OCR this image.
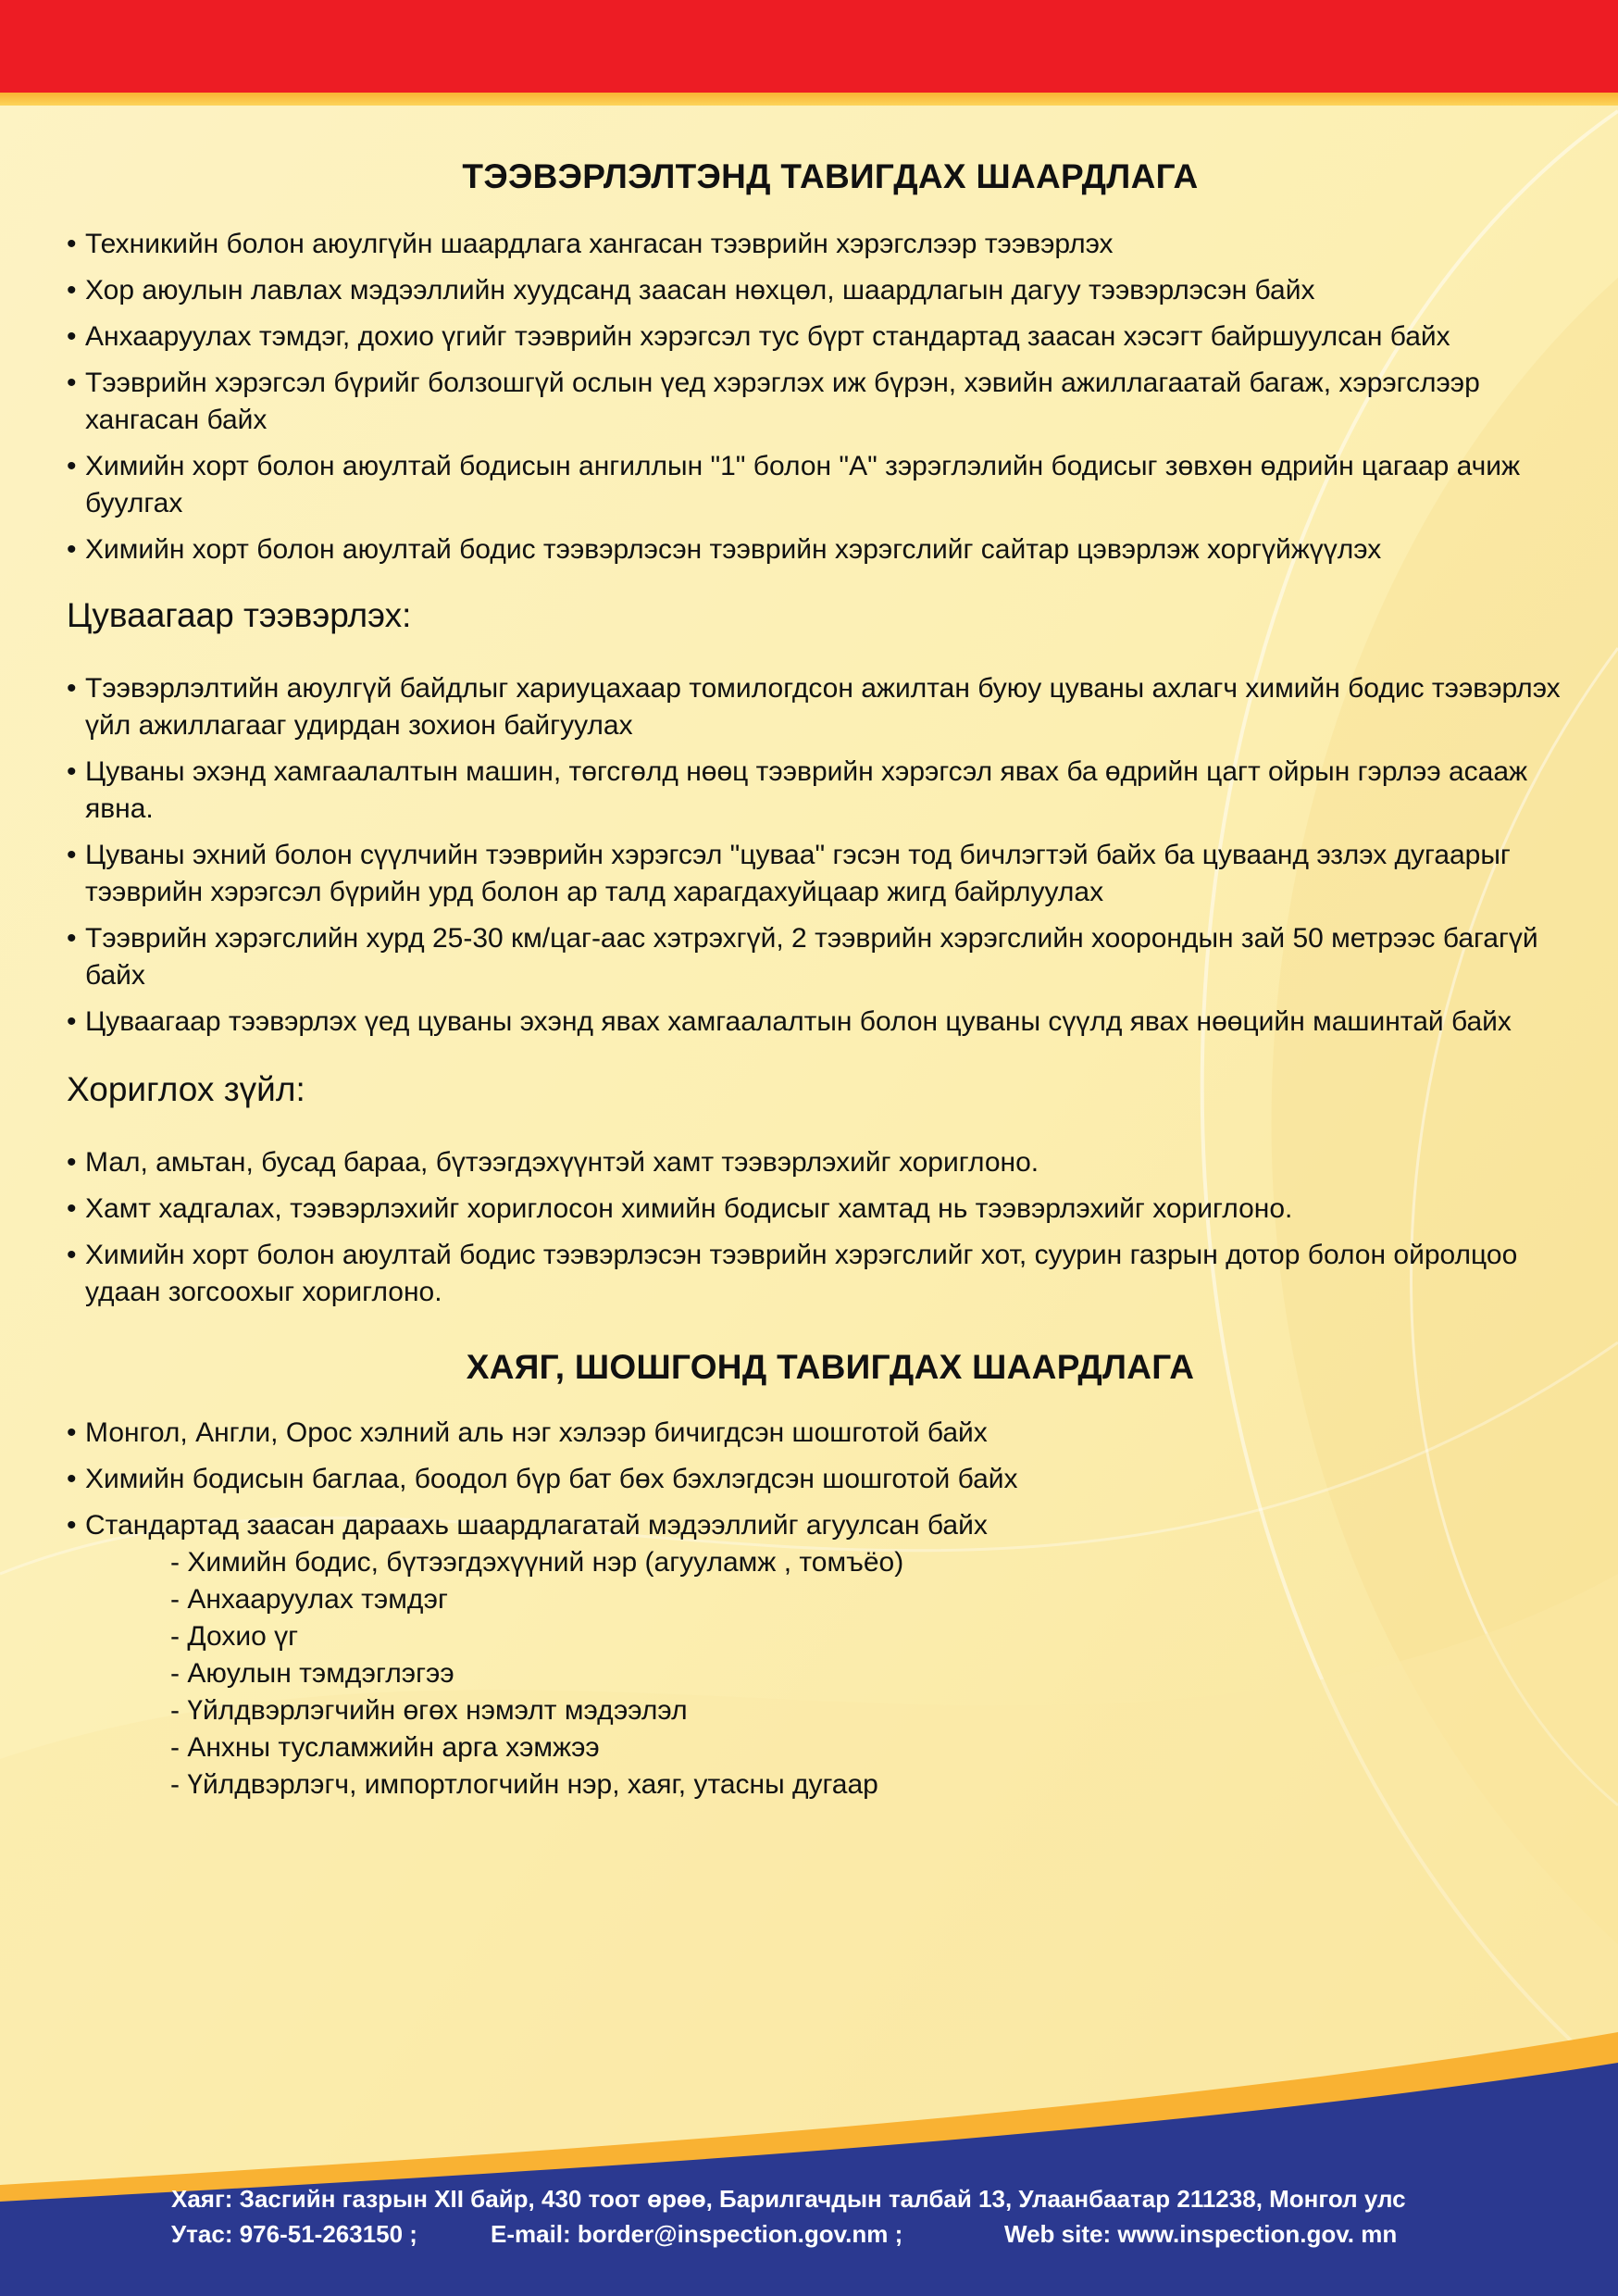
ТЭЭВЭРЛЭЛТЭНД ТАВИГДАХ ШААРДЛАГА
• Техникийн болон аюулгүйн шаардлага хангасан тээврийн хэрэгслээр тээвэрлэх
• Хор аюулын лавлах мэдээллийн хуудсанд заасан нөхцөл, шаардлагын дагуу тээвэрлэсэн байх
• Анхааруулах тэмдэг, дохио үгийг тээврийн хэрэгсэл тус бүрт стандартад заасан хэсэгт байршуулсан байх
• Тээврийн хэрэгсэл бүрийг болзошгүй ослын үед хэрэглэх иж бүрэн, хэвийн ажиллагаатай багаж, хэрэгслээр хангасан байх
• Химийн хорт болон аюултай бодисын ангиллын "1" болон "А" зэрэглэлийн бодисыг зөвхөн өдрийн цагаар ачиж буулгах
• Химийн хорт болон аюултай бодис тээвэрлэсэн тээврийн хэрэгслийг сайтар цэвэрлэж хоргүйжүүлэх
Цуваагаар тээвэрлэх:
• Тээвэрлэлтийн аюулгүй байдлыг хариуцахаар томилогдсон ажилтан буюу цуваны ахлагч химийн бодис тээвэрлэх үйл ажиллагааг удирдан зохион байгуулах
• Цуваны эхэнд хамгаалалтын машин, төгсгөлд нөөц тээврийн хэрэгсэл явах ба өдрийн цагт ойрын гэрлээ асааж явна.
• Цуваны эхний болон сүүлчийн тээврийн хэрэгсэл "цуваа" гэсэн тод бичлэгтэй байх ба цуваанд эзлэх дугаарыг тээврийн хэрэгсэл бүрийн урд болон ар талд харагдахуйцаар жигд байрлуулах
• Тээврийн хэрэгслийн хурд 25-30 км/цаг-аас хэтрэхгүй, 2 тээврийн хэрэгслийн хоорондын зай 50 метрээс багагүй байх
• Цуваагаар тээвэрлэх үед цуваны эхэнд явах хамгаалалтын болон цуваны сүүлд явах нөөцийн машинтай байх
Хориглох зүйл:
• Мал, амьтан, бусад бараа, бүтээгдэхүүнтэй хамт тээвэрлэхийг хориглоно.
• Хамт хадгалах, тээвэрлэхийг хориглосон химийн бодисыг хамтад нь тээвэрлэхийг хориглоно.
• Химийн хорт болон аюултай бодис тээвэрлэсэн тээврийн хэрэгслийг хот, суурин газрын дотор болон ойролцоо удаан зогсоохыг хориглоно.
ХАЯГ, ШОШГОНД ТАВИГДАХ ШААРДЛАГА
• Монгол, Англи, Орос хэлний аль нэг хэлээр бичигдсэн шошготой байх
• Химийн бодисын баглаа, боодол бүр бат бөх бэхлэгдсэн шошготой байх
• Стандартад заасан дараахь шаардлагатай мэдээллийг агуулсан байх
- Химийн бодис, бүтээгдэхүүний нэр (агууламж , томъёо)
- Анхааруулах тэмдэг
- Дохио үг
- Аюулын тэмдэглэгээ
- Үйлдвэрлэгчийн өгөх нэмэлт мэдээлэл
- Анхны тусламжийн арга хэмжээ
- Үйлдвэрлэгч, импортлогчийн нэр, хаяг, утасны дугаар
Хаяг: Засгийн газрын XII байр, 430 тоот өрөө, Барилгачдын талбай 13, Улаанбаатар 211238, Монгол улс
Утас: 976-51-263150 ;	E-mail: border@inspection.gov.nm ;	Web site: www.inspection.gov. mn
